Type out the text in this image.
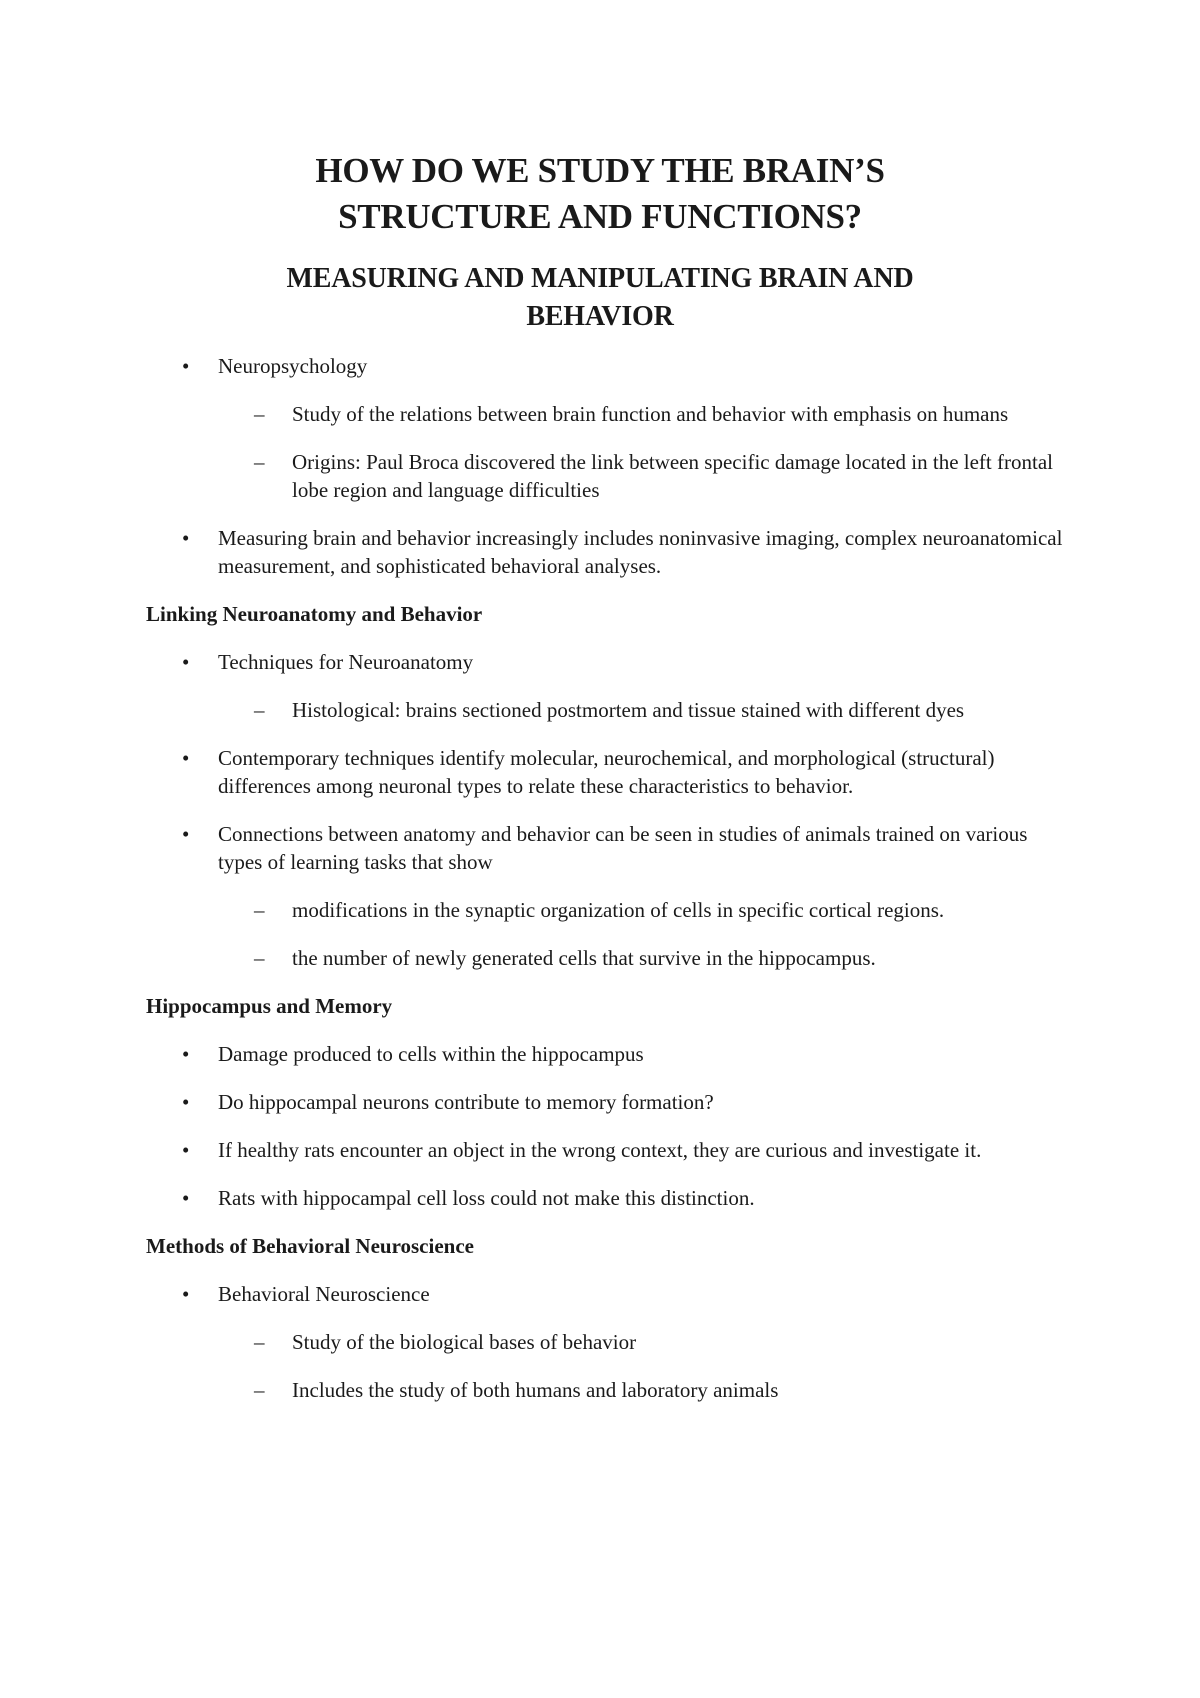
HOW DO WE STUDY THE BRAIN’S
STRUCTURE AND FUNCTIONS?
MEASURING AND MANIPULATING BRAIN AND
BEHAVIOR
• Neuropsychology
– Study of the relations between brain function and behavior with emphasis on humans
– Origins: Paul Broca discovered the link between specific damage located in the left frontal lobe region and language difficulties
• Measuring brain and behavior increasingly includes noninvasive imaging, complex neuroanatomical measurement, and sophisticated behavioral analyses.
Linking Neuroanatomy and Behavior
• Techniques for Neuroanatomy
– Histological: brains sectioned postmortem and tissue stained with different dyes
• Contemporary techniques identify molecular, neurochemical, and morphological (structural) differences among neuronal types to relate these characteristics to behavior.
• Connections between anatomy and behavior can be seen in studies of animals trained on various types of learning tasks that show
– modifications in the synaptic organization of cells in specific cortical regions.
– the number of newly generated cells that survive in the hippocampus.
Hippocampus and Memory
• Damage produced to cells within the hippocampus
• Do hippocampal neurons contribute to memory formation?
• If healthy rats encounter an object in the wrong context, they are curious and investigate it.
• Rats with hippocampal cell loss could not make this distinction.
Methods of Behavioral Neuroscience
• Behavioral Neuroscience
– Study of the biological bases of behavior
– Includes the study of both humans and laboratory animals
